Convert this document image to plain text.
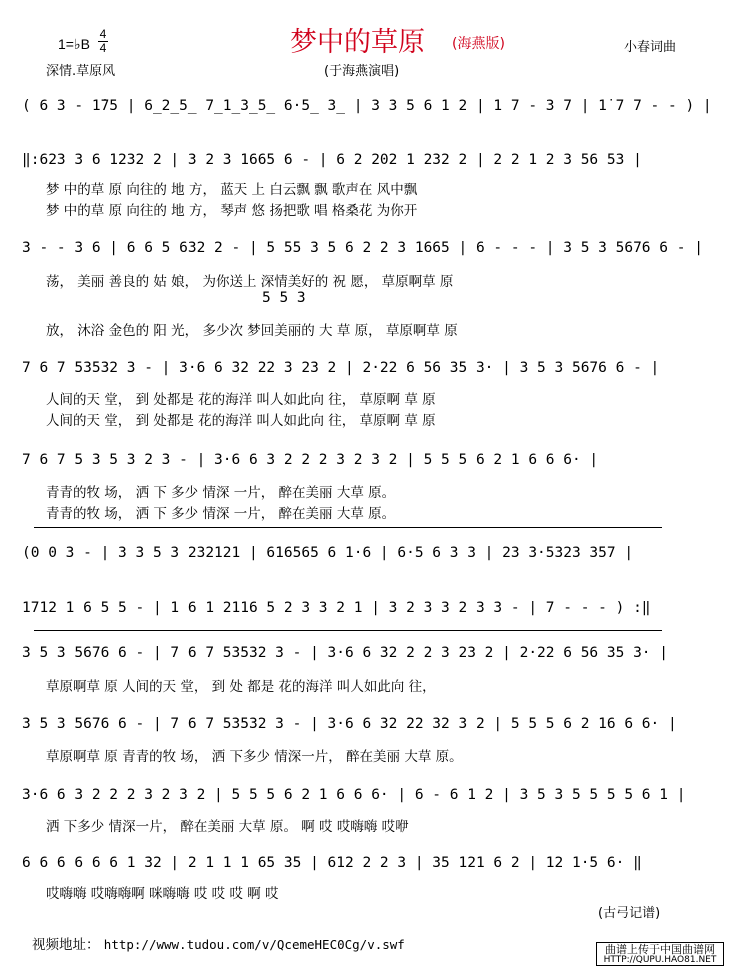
1=♭B
4
4	梦中的草原 (海燕版)	小春词曲
深情.草原风	(于海燕演唱)
( 6 3 - 1̇75 | 6̲2̲5̲ 7̲1̲3̲5̲ 6·5̲ 3̲ | 3 3 5 6 1 2 | 1 7 - 3 7 | 1̇ 7 7 - - ) |
‖:623 3 6 1232 2 | 3 2 3 1665 6 - | 6 2 202 1 232 2 | 2 2 1 2 3 56 53 |
梦 中的草 原 向往的 地 方， 蓝天 上 白云飘 飘 歌声在 风中飘
梦 中的草 原 向往的 地 方， 琴声 悠 扬把歌 唱 格桑花 为你开
3 - - 3 6 | 6 6 5 632 2 - | 5 55 3 5 6 2 2 3 1665 | 6 - - - | 3 5 3 5676 6 - |
荡， 美丽 善良的 姑 娘， 为你送上 深情美好的 祝 愿， 草原啊草 原
5 5 3
放， 沐浴 金色的 阳 光， 多少次 梦回美丽的 大 草 原， 草原啊草 原
7 6 7 53532 3 - | 3·6 6 32 22 3 23 2 | 2·22 6 56 35 3· | 3 5 3 5676 6 - |
人间的天 堂， 到 处都是 花的海洋 叫人如此向 往， 草原啊 草 原
人间的天 堂， 到 处都是 花的海洋 叫人如此向 往， 草原啊 草 原
7 6 7 5 3 5 3 2 3 - | 3·6 6 3 2 2 2 3 2 3 2 | 5 5 5 6 2 1 6 6 6· |
青青的牧 场， 洒 下 多少 情深 一片， 醉在美丽 大草 原。
青青的牧 场， 洒 下 多少 情深 一片， 醉在美丽 大草 原。
(0 0 3 - | 3 3 5 3 232121 | 616565 6 1·6 | 6·5 6 3 3 | 23 3·5323 357 |
1712 1 6 5 5 - | 1 6 1 2116 5 2 3 3 2 1 | 3 2 3 3 2 3 3 - | 7 - - - ) :‖
3 5 3 5676 6 - | 7 6 7 53532 3 - | 3·6 6 32 2 2 3 23 2 | 2·22 6 56 35 3· |
草原啊草 原 人间的天 堂， 到 处 都是 花的海洋 叫人如此向 往，
3 5 3 5676 6 - | 7 6 7 53532 3 - | 3·6 6 32 22 32 3 2 | 5 5 5 6 2 16 6 6· |
草原啊草 原 青青的牧 场， 洒 下多少 情深一片， 醉在美丽 大草 原。
3·6 6 3 2 2 2 3 2 3 2 | 5 5 5 6 2 1 6 6 6· | 6 - 6 1 2 | 3 5 3 5 5 5 5 6 1 |
洒 下多少 情深一片， 醉在美丽 大草 原。 啊 哎 哎嗨嗨 哎咿
6 6 6 6 6 6 1 32 | 2 1 1 1 65 35 | 612 2 2 3 | 35 121 6 2 | 12 1·5 6· ‖
哎嗨嗨 哎嗨嗨啊 咪嗨嗨 哎 哎 哎 啊 哎
(古弓记谱)
视频地址： http://www.tudou.com/v/QcemeHEC0Cg/v.swf	曲谱上传于中国曲谱网
HTTP://QUPU.HAO81.NET
